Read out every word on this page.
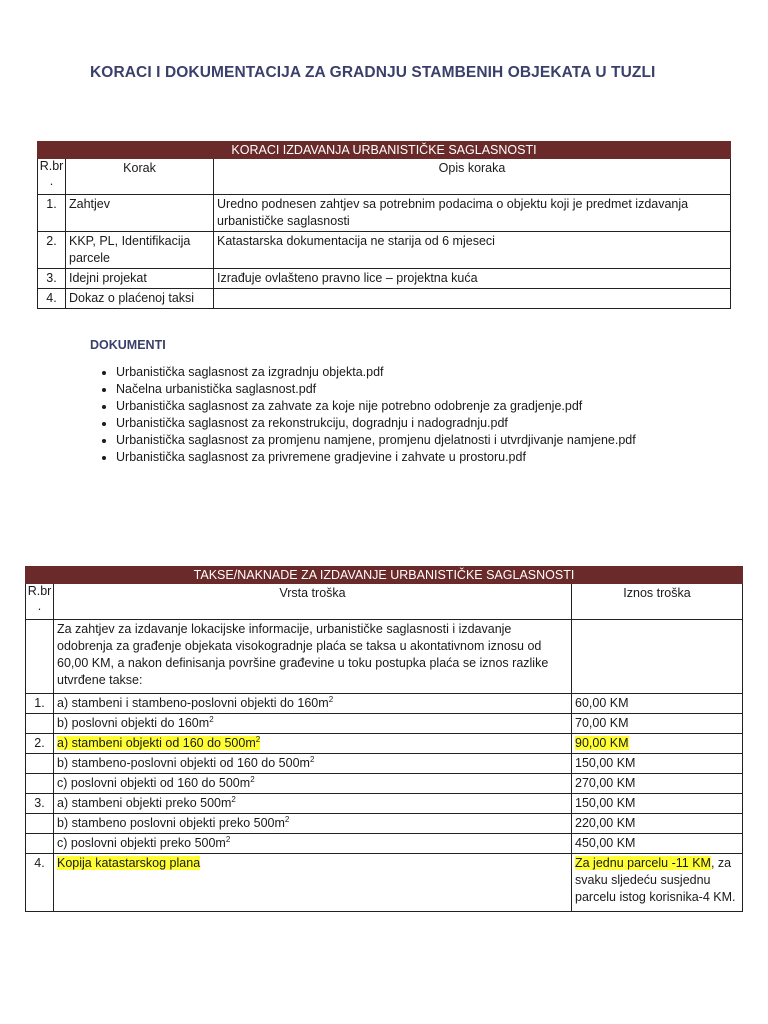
KORACI I DOKUMENTACIJA ZA GRADNJU STAMBENIH OBJEKATA U TUZLI
KORACI IZDAVANJA URBANISTIČKE SAGLASNOSTI		
R.br
.	Korak	Opis koraka
1.	Zahtjev	Uredno podnesen zahtjev sa potrebnim podacima o objektu koji je predmet izdavanja urbanističke saglasnosti
2.	KKP, PL, Identifikacija parcele	Katastarska dokumentacija ne starija od 6 mjeseci
3.	Idejni projekat	Izrađuje ovlašteno pravno lice – projektna kuća
4.	Dokaz o plaćenoj taksi	
DOKUMENTI
• Urbanistička saglasnost za izgradnju objekta.pdf
• Načelna urbanistička saglasnost.pdf
• Urbanistička saglasnost za zahvate za koje nije potrebno odobrenje za gradjenje.pdf
• Urbanistička saglasnost za rekonstrukciju, dogradnju i nadogradnju.pdf
• Urbanistička saglasnost za promjenu namjene, promjenu djelatnosti i utvrdjivanje namjene.pdf
• Urbanistička saglasnost za privremene gradjevine i zahvate u prostoru.pdf
TAKSE/NAKNADE ZA IZDAVANJE URBANISTIČKE SAGLASNOSTI		
R.br
.	Vrsta troška	Iznos troška
	Za zahtjev za izdavanje lokacijske informacije, urbanističke saglasnosti i izdavanje odobrenja za građenje objekata visokogradnje plaća se taksa u akontativnom iznosu od 60,00 KM, a nakon definisanja površine građevine u toku postupka plaća se iznos razlike utvrđene takse:	
1.	a) stambeni i stambeno-poslovni objekti do $160m^2$	60,00 KM
	b) poslovni objekti do $160m^2$	70,00 KM
2.	a) stambeni objekti od 160 do $500m^2$	90,00 KM
	b) stambeno-poslovni objekti od 160 do $500m^2$	150,00 KM
	c) poslovni objekti od 160 do $500m^2$	270,00 KM
3.	a) stambeni objekti preko $500m^2$	150,00 KM
	b) stambeno poslovni objekti preko $500m^2$	220,00 KM
	c) poslovni objekti preko $500m^2$	450,00 KM
4.	Kopija katastarskog plana	Za jednu parcelu -11 KM, za svaku sljedeću susjednu parcelu istog korisnika-4 KM.
